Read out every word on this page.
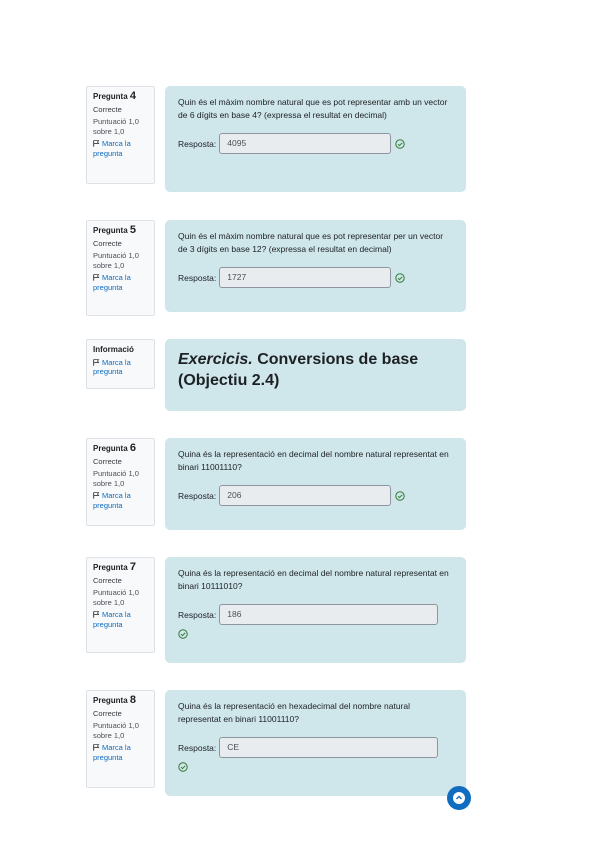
Pregunta 4
Correcte
Puntuació 1,0 sobre 1,0
Marca la pregunta
Quin és el màxim nombre natural que es pot representar amb un vector de 6 dígits en base 4? (expressa el resultat en decimal)
Resposta:	4095
Pregunta 5
Correcte
Puntuació 1,0 sobre 1,0
Marca la pregunta
Quin és el màxim nombre natural que es pot representar per un vector de 3 dígits en base 12? (expressa el resultat en decimal)
Resposta:	1727
Informació
Marca la pregunta
Exercicis. Conversions de base (Objectiu 2.4)
Pregunta 6
Correcte
Puntuació 1,0 sobre 1,0
Marca la pregunta
Quina és la representació en decimal del nombre natural representat en binari 11001110?
Resposta:	206
Pregunta 7
Correcte
Puntuació 1,0 sobre 1,0
Marca la pregunta
Quina és la representació en decimal del nombre natural representat en binari 10111010?
Resposta:	186
Pregunta 8
Correcte
Puntuació 1,0 sobre 1,0
Marca la pregunta
Quina és la representació en hexadecimal del nombre natural representat en binari 11001110?
Resposta:	CE
